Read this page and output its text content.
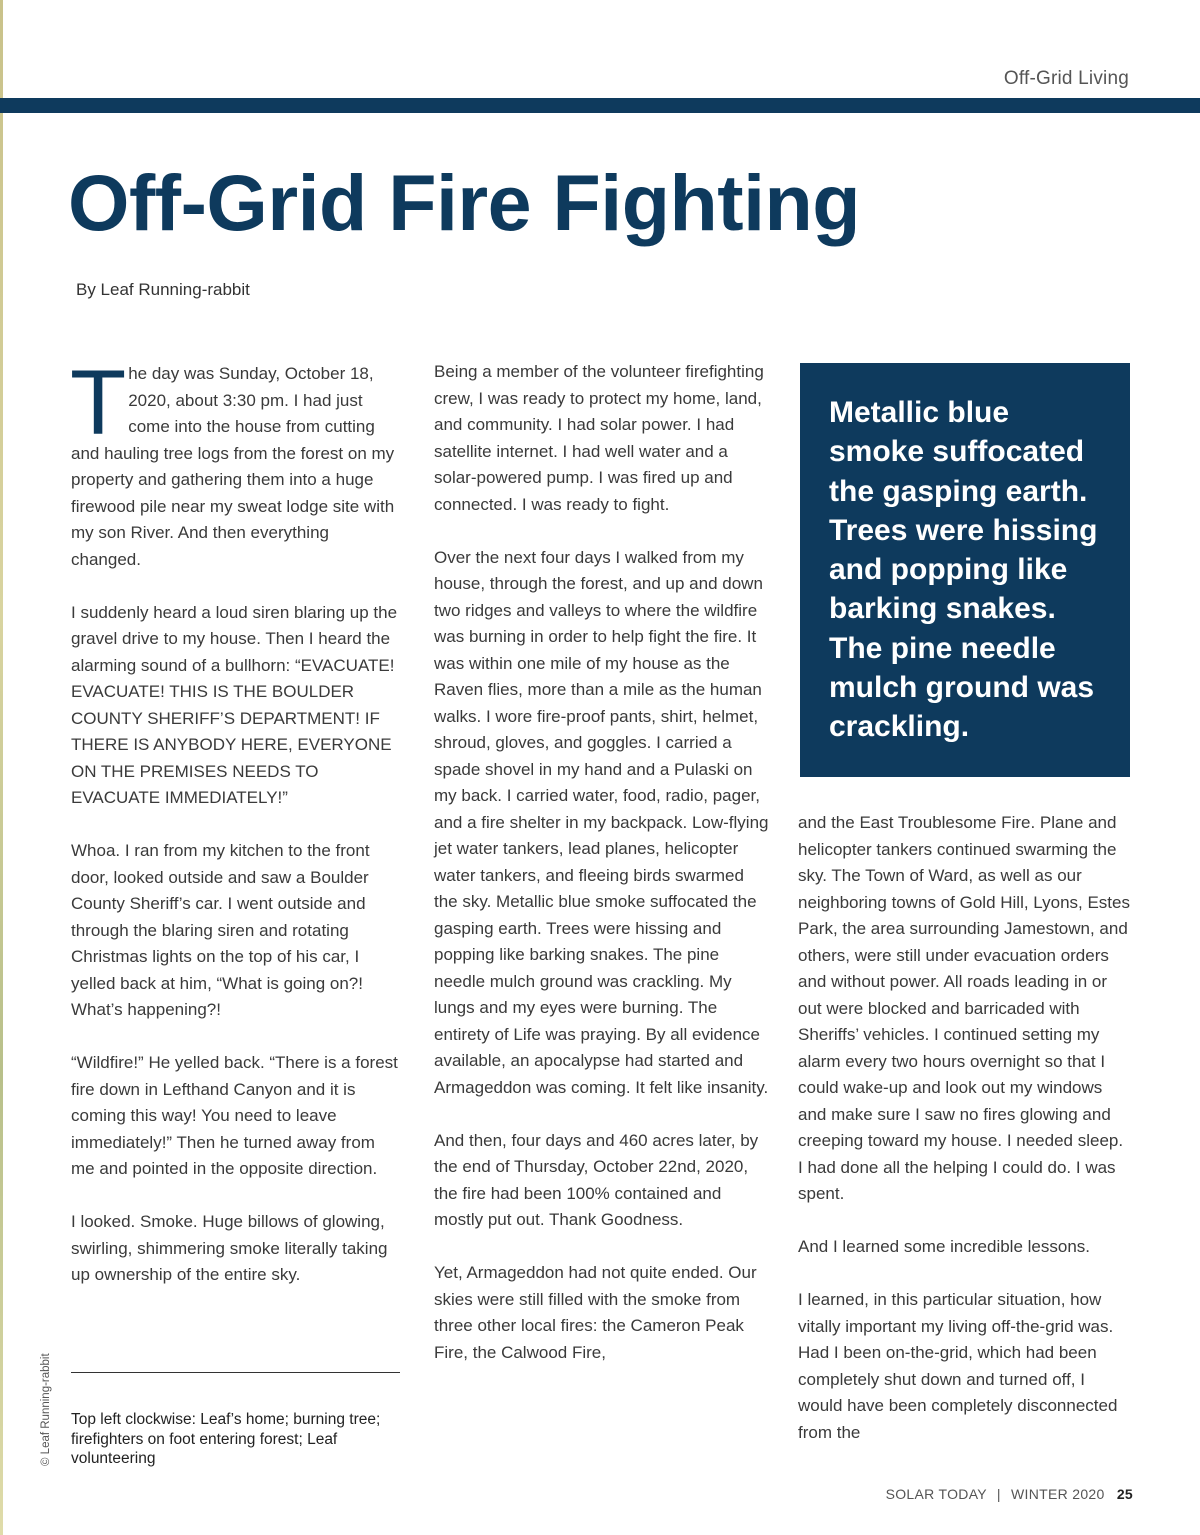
Off-Grid Living
Off-Grid Fire Fighting
By Leaf Running-rabbit

The day was Sunday, October 18, 2020, about 3:30 pm. I had just come into the house from cutting and hauling tree logs from the forest on my property and gathering them into a huge firewood pile near my sweat lodge site with my son River. And then everything changed.

I suddenly heard a loud siren blaring up the gravel drive to my house. Then I heard the alarming sound of a bullhorn: “EVACUATE! EVACUATE! THIS IS THE BOULDER COUNTY SHERIFF’S DEPARTMENT! IF THERE IS ANYBODY HERE, EVERYONE ON THE PREMISES NEEDS TO EVACUATE IMMEDIATELY!”

Whoa. I ran from my kitchen to the front door, looked outside and saw a Boulder County Sheriff’s car. I went outside and through the blaring siren and rotating Christmas lights on the top of his car, I yelled back at him, “What is going on?! What’s happening?!

“Wildfire!” He yelled back. “There is a forest fire down in Lefthand Canyon and it is coming this way! You need to leave immediately!” Then he turned away from me and pointed in the opposite direction.

I looked. Smoke. Huge billows of glowing, swirling, shimmering smoke literally taking up ownership of the entire sky.

Being a member of the volunteer firefighting crew, I was ready to protect my home, land, and community. I had solar power. I had satellite internet. I had well water and a solar-powered pump. I was fired up and connected. I was ready to fight.

Over the next four days I walked from my house, through the forest, and up and down two ridges and valleys to where the wildfire was burning in order to help fight the fire. It was within one mile of my house as the Raven flies, more than a mile as the human walks. I wore fire-proof pants, shirt, helmet, shroud, gloves, and goggles. I carried a spade shovel in my hand and a Pulaski on my back. I carried water, food, radio, pager, and a fire shelter in my backpack. Low-flying jet water tankers, lead planes, helicopter water tankers, and fleeing birds swarmed the sky. Metallic blue smoke suffocated the gasping earth. Trees were hissing and popping like barking snakes. The pine needle mulch ground was crackling. My lungs and my eyes were burning. The entirety of Life was praying. By all evidence available, an apocalypse had started and Armageddon was coming. It felt like insanity.

And then, four days and 460 acres later, by the end of Thursday, October 22nd, 2020, the fire had been 100% contained and mostly put out. Thank Goodness.

Yet, Armageddon had not quite ended. Our skies were still filled with the smoke from three other local fires: the Cameron Peak Fire, the Calwood Fire,

Metallic blue smoke suffocated the gasping earth. Trees were hissing and popping like barking snakes. The pine needle mulch ground was crackling.

and the East Troublesome Fire. Plane and helicopter tankers continued swarming the sky. The Town of Ward, as well as our neighboring towns of Gold Hill, Lyons, Estes Park, the area surrounding Jamestown, and others, were still under evacuation orders and without power. All roads leading in or out were blocked and barricaded with Sheriffs’ vehicles. I continued setting my alarm every two hours overnight so that I could wake-up and look out my windows and make sure I saw no fires glowing and creeping toward my house. I needed sleep. I had done all the helping I could do. I was spent.

And I learned some incredible lessons.

I learned, in this particular situation, how vitally important my living off-the-grid was. Had I been on-the-grid, which had been completely shut down and turned off, I would have been completely disconnected from the

Top left clockwise: Leaf’s home; burning tree; firefighters on foot entering forest; Leaf volunteering
© Leaf Running-rabbit
SOLAR TODAY | WINTER 2020 25
